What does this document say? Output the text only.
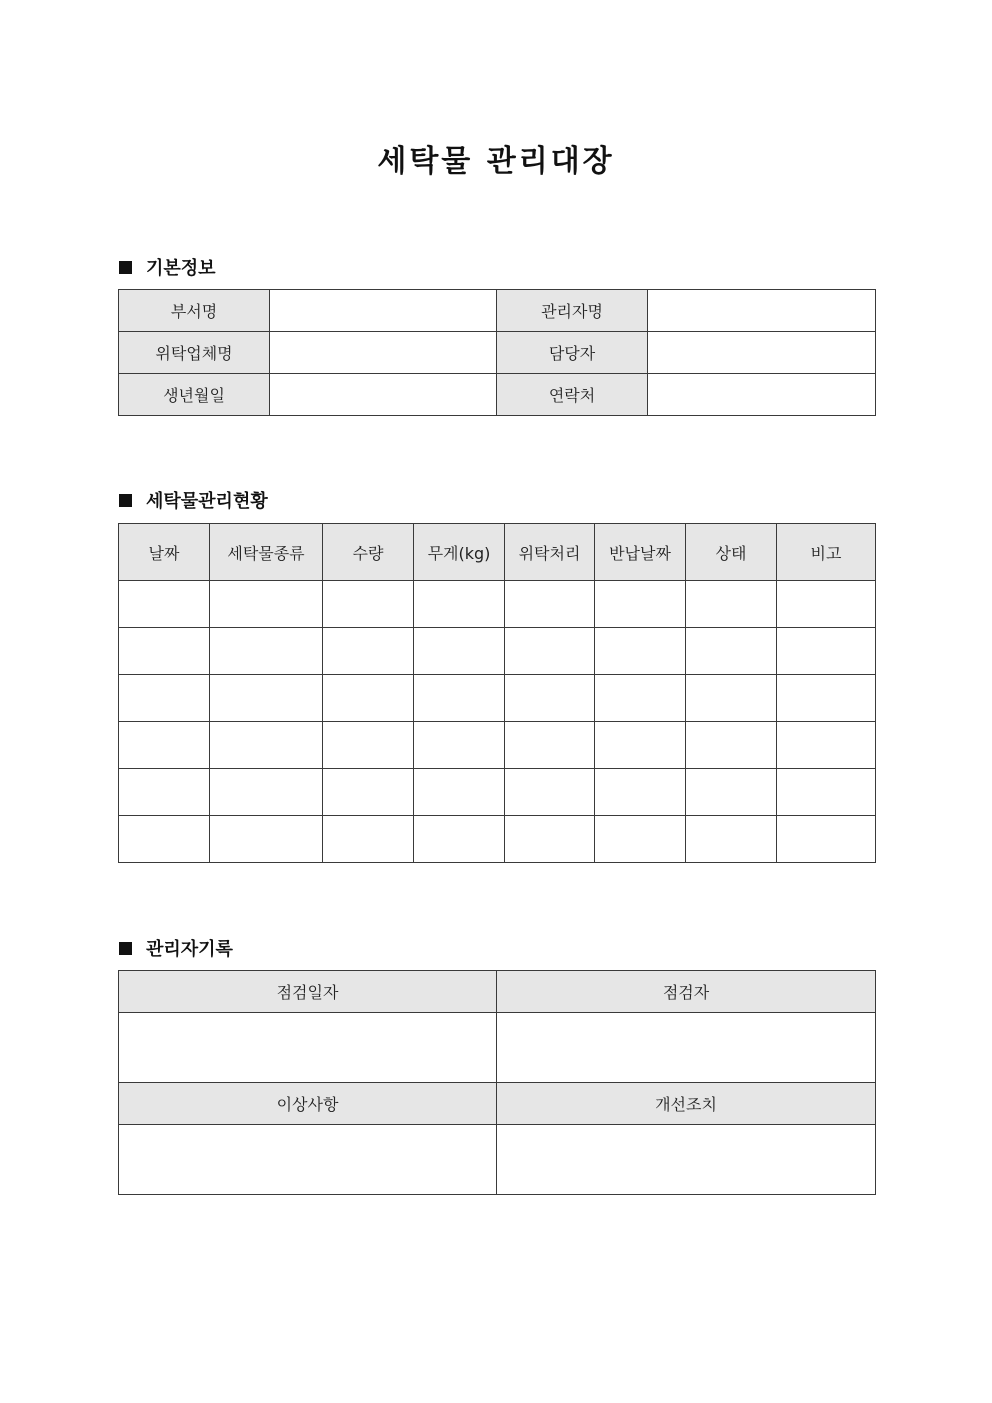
세탁물 관리대장
기본정보
부서명		관리자명	
위탁업체명		담당자	
생년월일		연락처	
세탁물관리현황
날짜	세탁물종류	수량	무게(kg)	위탁처리	반납날짜	상태	비고

관리자기록
점검일자	점검자

이상사항	개선조치
